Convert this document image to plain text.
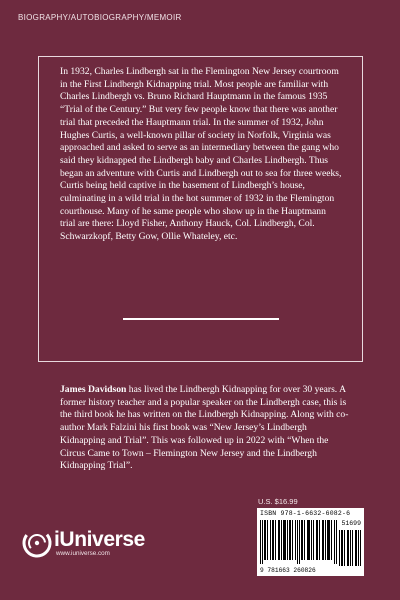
BIOGRAPHY/AUTOBIOGRAPHY/MEMOIR

In 1932, Charles Lindbergh sat in the Flemington New Jersey courtroom in the First Lindbergh Kidnapping trial. Most people are familiar with Charles Lindbergh vs. Bruno Richard Hauptmann in the famous 1935 “Trial of the Century.” But very few people know that there was another trial that preceded the Hauptmann trial. In the summer of 1932, John Hughes Curtis, a well-known pillar of society in Norfolk, Virginia was approached and asked to serve as an intermediary between the gang who said they kidnapped the Lindbergh baby and Charles Lindbergh. Thus began an adventure with Curtis and Lindbergh out to sea for three weeks, Curtis being held captive in the basement of Lindbergh’s house, culminating in a wild trial in the hot summer of 1932 in the Flemington courthouse. Many of he same people who show up in the Hauptmann trial are there: Lloyd Fisher, Anthony Hauck, Col. Lindbergh, Col. Schwarzkopf, Betty Gow, Ollie Whateley, etc.

James Davidson has lived the Lindbergh Kidnapping for over 30 years. A former history teacher and a popular speaker on the Lindbergh case, this is the third book he has written on the Lindbergh Kidnapping. Along with co-author Mark Falzini his first book was “New Jersey’s Lindbergh Kidnapping and Trial”. This was followed up in 2022 with “When the Circus Came to Town – Flemington New Jersey and the Lindbergh Kidnapping Trial”.

U.S. $16.99
ISBN 978-1-6632-6082-6
51699
9 781663 260826
iUniverse
www.iuniverse.com
